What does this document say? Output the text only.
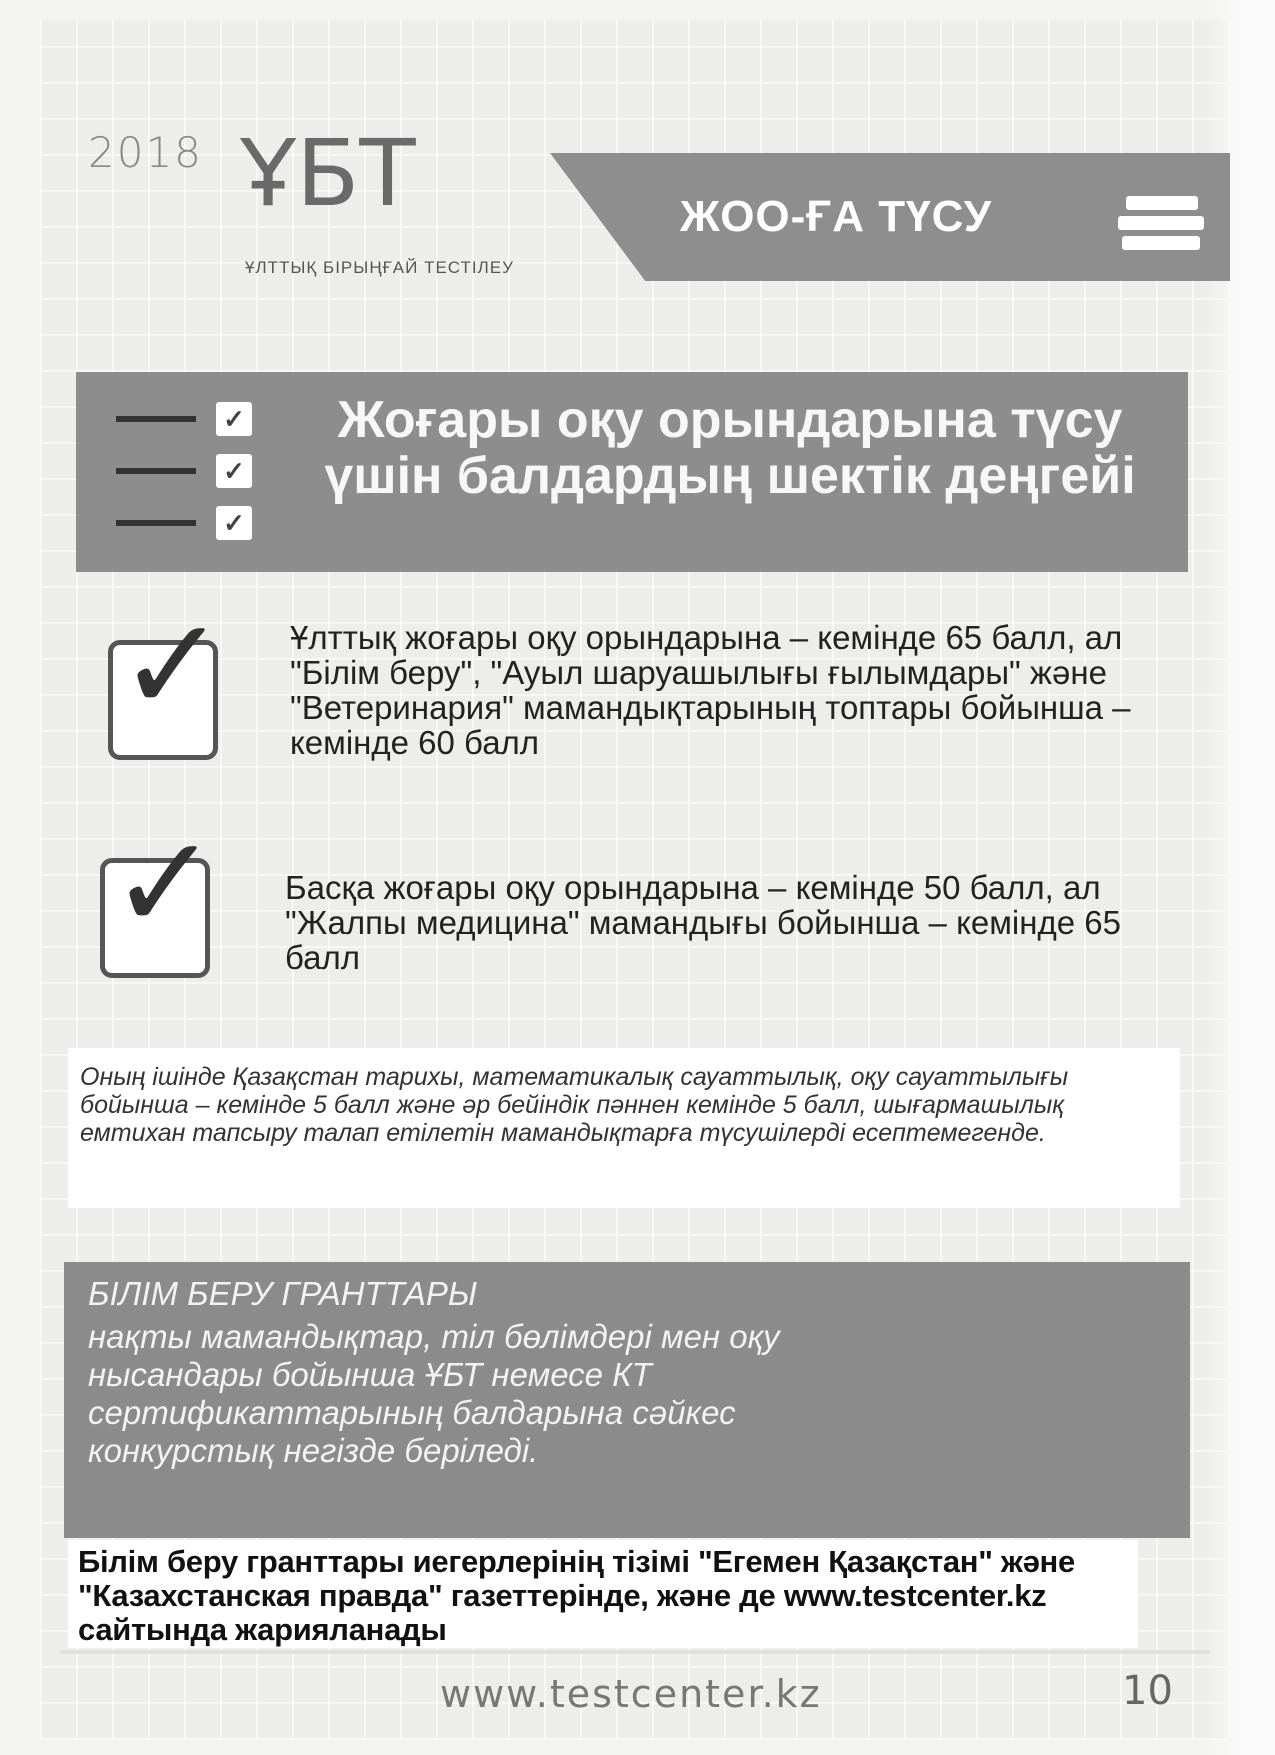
2018 ҰБТ
ҰЛТТЫҚ БІРЫҢҒАЙ ТЕСТІЛЕУ
ЖОО-ҒА ТҮСУ
✓
✓
✓
Жоғары оқу орындарына түсу үшін балдардың шектік деңгейі
✓ Ұлттық жоғары оқу орындарына – кемінде 65 балл, ал "Білім беру", "Ауыл шаруашылығы ғылымдары" және "Ветеринария" мамандықтарының топтары бойынша – кемінде 60 балл
✓ Басқа жоғары оқу орындарына – кемінде 50 балл, ал "Жалпы медицина" мамандығы бойынша – кемінде 65 балл
Оның ішінде Қазақстан тарихы, математикалық сауаттылық, оқу сауаттылығы бойынша – кемінде 5 балл және әр бейіндік пәннен кемінде 5 балл, шығармашылық емтихан тапсыру талап етілетін мамандықтарға түсушілерді есептемегенде.
БІЛІМ БЕРУ ГРАНТТАРЫ
нақты мамандықтар, тіл бөлімдері мен оқу нысандары бойынша ҰБТ немесе КТ сертификаттарының балдарына сәйкес конкурстық негізде беріледі.
Білім беру гранттары иегерлерінің тізімі "Егемен Қазақстан" және "Казахстанская правда" газеттерінде, және де www.testcenter.kz сайтында жарияланады
www.testcenter.kz	10
